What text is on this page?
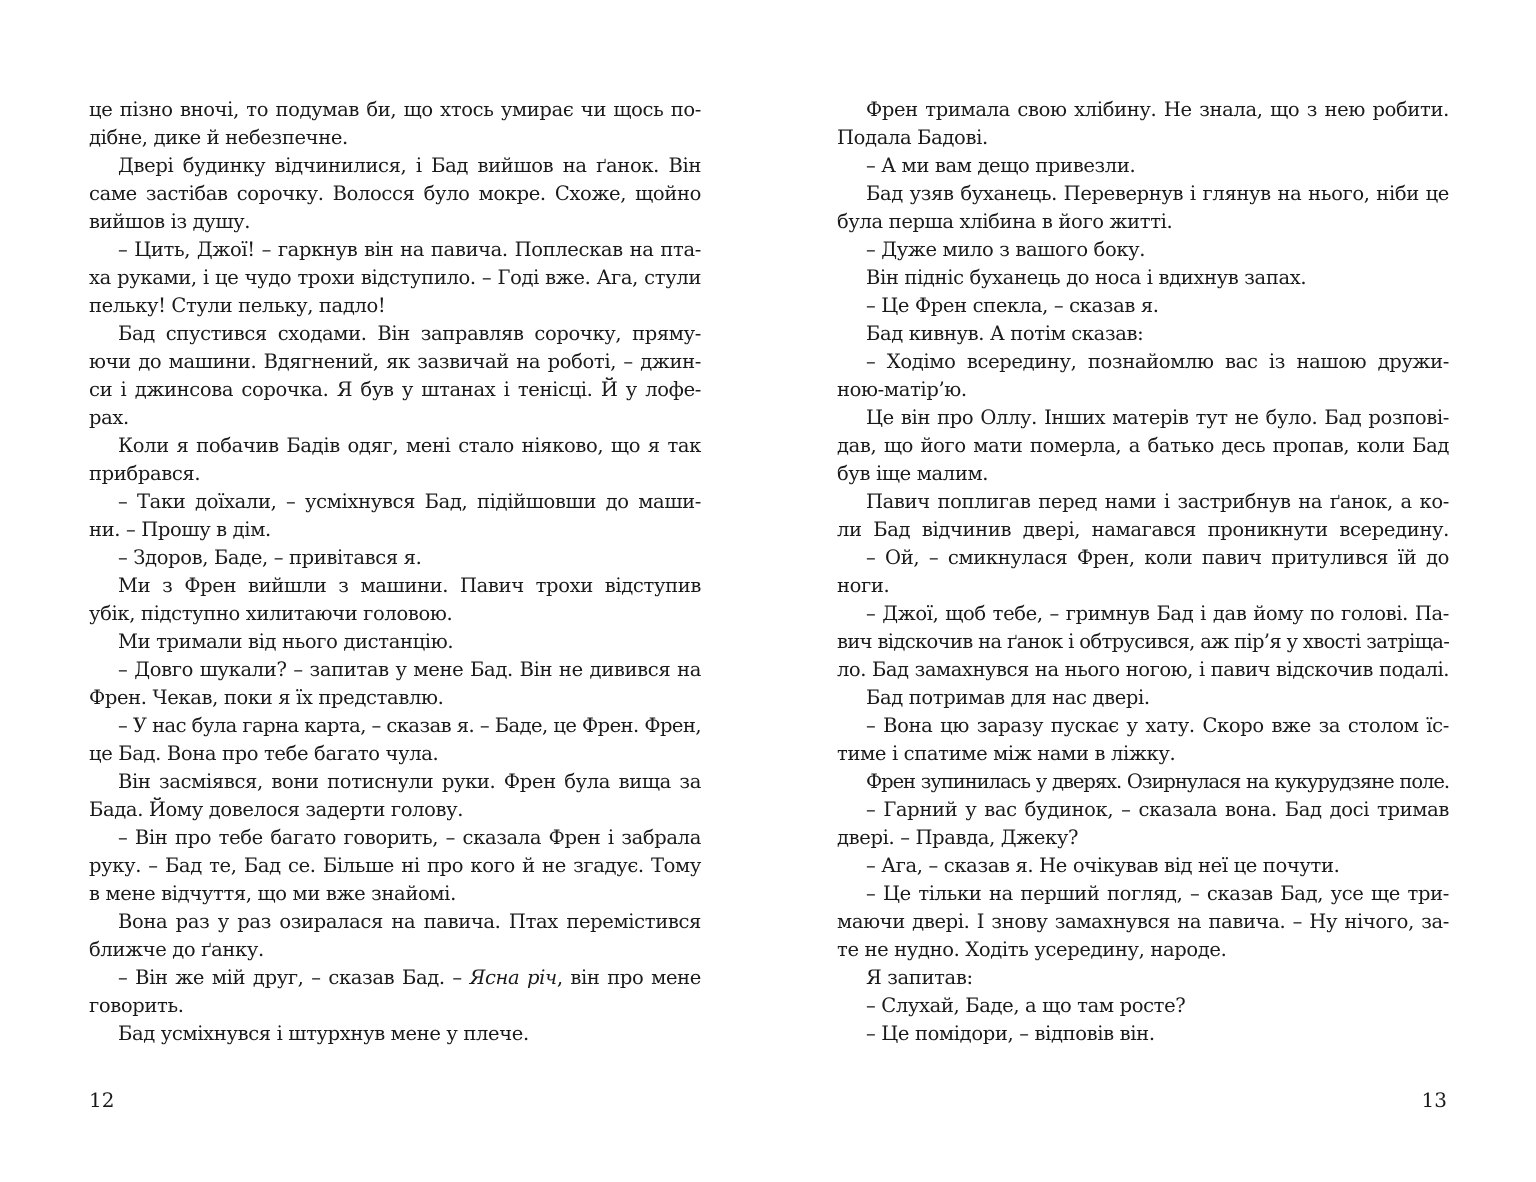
це пізно вночі, то подумав би, що хтось умирає чи щось по-
дібне, дике й небезпечне.
Двері будинку відчинилися, і Бад вийшов на ґанок. Він
саме застібав сорочку. Волосся було мокре. Схоже, щойно
вийшов із душу.
– Цить, Джої! – гаркнув він на павича. Поплескав на пта-
ха руками, і це чудо трохи відступило. – Годі вже. Ага, стули
пельку! Стули пельку, падло!
Бад спустився сходами. Він заправляв сорочку, пряму-
ючи до машини. Вдягнений, як зазвичай на роботі, – джин-
си і джинсова сорочка. Я був у штанах і тенісці. Й у лофе-
рах.
Коли я побачив Бадів одяг, мені стало ніяково, що я так
прибрався.
– Таки доїхали, – усміхнувся Бад, підійшовши до маши-
ни. – Прошу в дім.
– Здоров, Баде, – привітався я.
Ми з Френ вийшли з машини. Павич трохи відступив
убік, підступно хилитаючи головою.
Ми тримали від нього дистанцію.
– Довго шукали? – запитав у мене Бад. Він не дивився на
Френ. Чекав, поки я їх представлю.
– У нас була гарна карта, – сказав я. – Баде, це Френ. Френ,
це Бад. Вона про тебе багато чула.
Він засміявся, вони потиснули руки. Френ була вища за
Бада. Йому довелося задерти голову.
– Він про тебе багато говорить, – сказала Френ і забрала
руку. – Бад те, Бад се. Більше ні про кого й не згадує. Тому
в мене відчуття, що ми вже знайомі.
Вона раз у раз озиралася на павича. Птах перемістився
ближче до ґанку.
– Він же мій друг, – сказав Бад. – Ясна річ, він про мене
говорить.
Бад усміхнувся і штурхнув мене у плече.
Френ тримала свою хлібину. Не знала, що з нею робити.
Подала Бадові.
– А ми вам дещо привезли.
Бад узяв буханець. Перевернув і глянув на нього, ніби це
була перша хлібина в його житті.
– Дуже мило з вашого боку.
Він підніс буханець до носа і вдихнув запах.
– Це Френ спекла, – сказав я.
Бад кивнув. А потім сказав:
– Ходімо всередину, познайомлю вас із нашою дружи-
ною-матір’ю.
Це він про Оллу. Інших матерів тут не було. Бад розпові-
дав, що його мати померла, а батько десь пропав, коли Бад
був іще малим.
Павич поплигав перед нами і застрибнув на ґанок, а ко-
ли Бад відчинив двері, намагався проникнути всередину.
– Ой, – смикнулася Френ, коли павич притулився їй до
ноги.
– Джої, щоб тебе, – гримнув Бад і дав йому по голові. Па-
вич відскочив на ґанок і обтрусився, аж пір’я у хвості затріща-
ло. Бад замахнувся на нього ногою, і павич відскочив подалі.
Бад потримав для нас двері.
– Вона цю заразу пускає у хату. Скоро вже за столом їс-
тиме і спатиме між нами в ліжку.
Френ зупинилась у дверях. Озирнулася на кукурудзяне поле.
– Гарний у вас будинок, – сказала вона. Бад досі тримав
двері. – Правда, Джеку?
– Ага, – сказав я. Не очікував від неї це почути.
– Це тільки на перший погляд, – сказав Бад, усе ще три-
маючи двері. І знову замахнувся на павича. – Ну нічого, за-
те не нудно. Ходіть усередину, народе.
Я запитав:
– Слухай, Баде, а що там росте?
– Це помідори, – відповів він.
12	13
